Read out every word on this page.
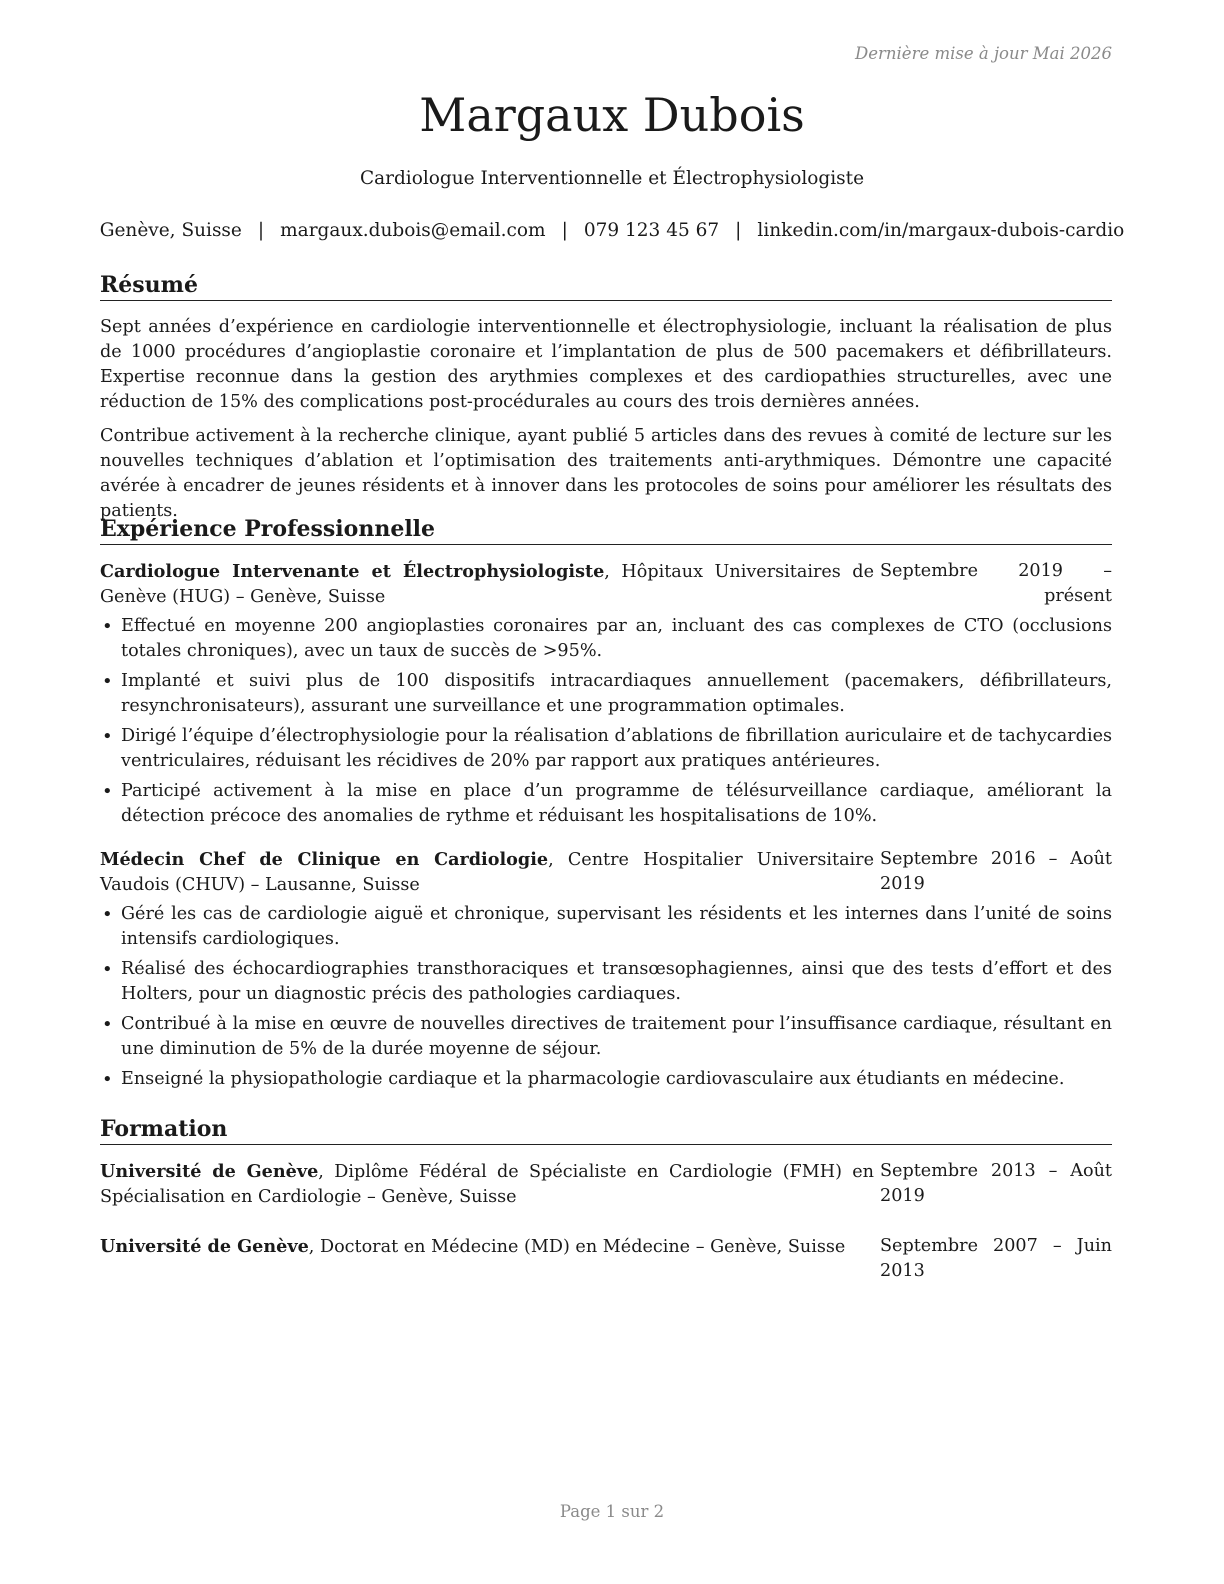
Dernière mise à jour Mai 2026
Margaux Dubois
Cardiologue Interventionnelle et Électrophysiologiste
Genève, Suisse | margaux.dubois@email.com | 079 123 45 67 | linkedin.com/in/margaux-dubois-cardio
Résumé

Sept années d’expérience en cardiologie interventionnelle et électrophysiologie, incluant la réalisation de plus de 1000 procédures d’angioplastie coronaire et l’implantation de plus de 500 pacemakers et défibrillateurs. Expertise reconnue dans la gestion des arythmies complexes et des cardiopathies structurelles, avec une réduction de 15% des complications post-procédurales au cours des trois dernières années.

Contribue activement à la recherche clinique, ayant publié 5 articles dans des revues à comité de lecture sur les nouvelles techniques d’ablation et l’optimisation des traitements anti-arythmiques. Démontre une capacité avérée à encadrer de jeunes résidents et à innover dans les protocoles de soins pour améliorer les résultats des patients.

Expérience Professionnelle
Cardiologue Intervenante et Électrophysiologiste, Hôpitaux Universitaires de Genève (HUG) – Genève, Suisse
Septembre 2019 – présent
• Effectué en moyenne 200 angioplasties coronaires par an, incluant des cas complexes de CTO (occlusions totales chroniques), avec un taux de succès de >95%.
• Implanté et suivi plus de 100 dispositifs intracardiaques annuellement (pacemakers, défibrillateurs, resynchronisateurs), assurant une surveillance et une programmation optimales.
• Dirigé l’équipe d’électrophysiologie pour la réalisation d’ablations de fibrillation auriculaire et de tachycardies ventriculaires, réduisant les récidives de 20% par rapport aux pratiques antérieures.
• Participé activement à la mise en place d’un programme de télésurveillance cardiaque, améliorant la détection précoce des anomalies de rythme et réduisant les hospitalisations de 10%.
Médecin Chef de Clinique en Cardiologie, Centre Hospitalier Universitaire Vaudois (CHUV) – Lausanne, Suisse
Septembre 2016 – Août 2019
• Géré les cas de cardiologie aiguë et chronique, supervisant les résidents et les internes dans l’unité de soins intensifs cardiologiques.
• Réalisé des échocardiographies transthoraciques et transœsophagiennes, ainsi que des tests d’effort et des Holters, pour un diagnostic précis des pathologies cardiaques.
• Contribué à la mise en œuvre de nouvelles directives de traitement pour l’insuffisance cardiaque, résultant en une diminution de 5% de la durée moyenne de séjour.
• Enseigné la physiopathologie cardiaque et la pharmacologie cardiovasculaire aux étudiants en médecine.
Formation
Université de Genève, Diplôme Fédéral de Spécialiste en Cardiologie (FMH) en Spécialisation en Cardiologie – Genève, Suisse
Septembre 2013 – Août 2019
Université de Genève, Doctorat en Médecine (MD) en Médecine – Genève, Suisse	Septembre 2007 – Juin 2013
Page 1 sur 2
